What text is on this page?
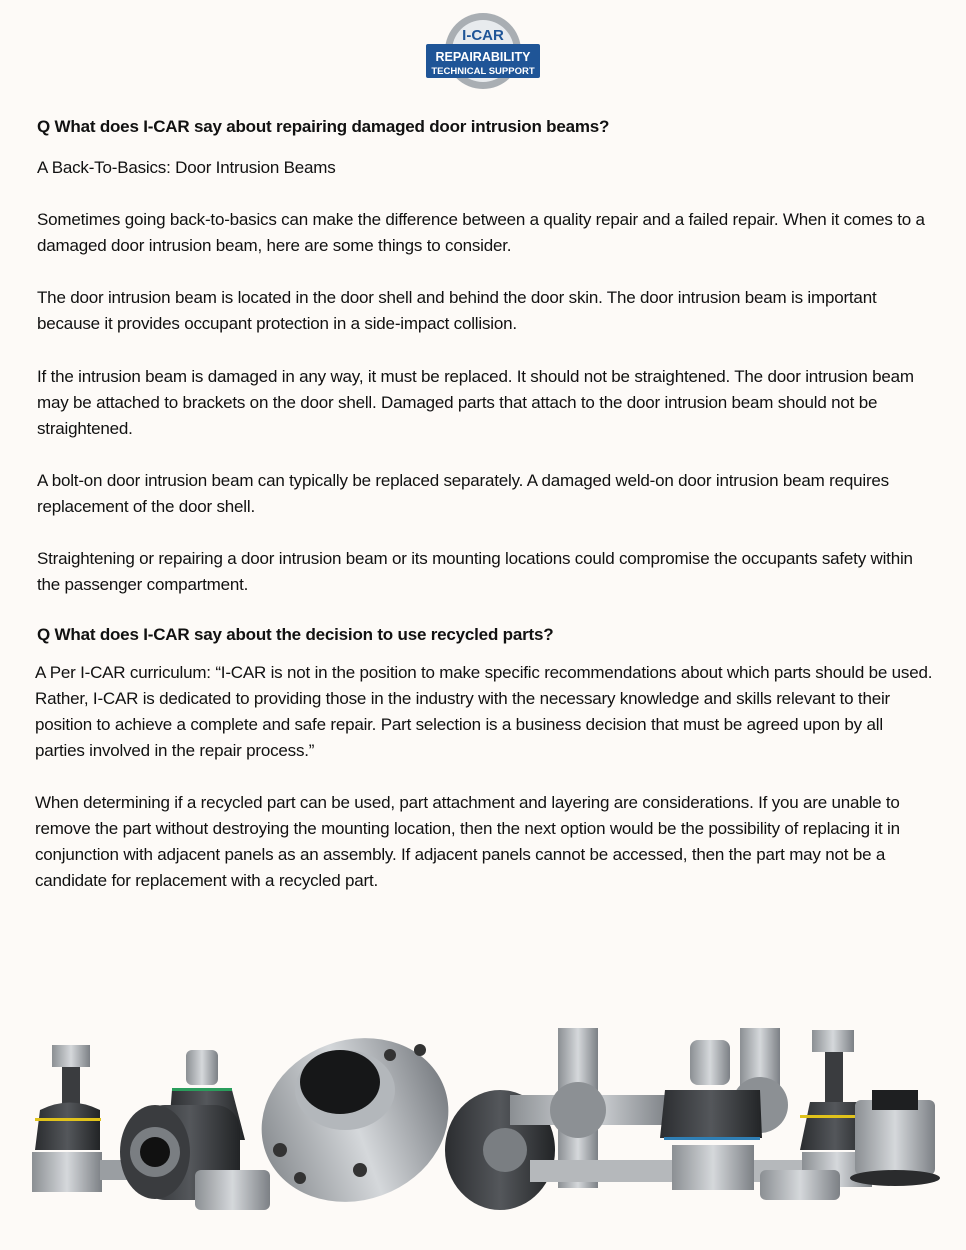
I-CAR
REPAIRABILITY
TECHNICAL SUPPORT

Q What does I-CAR say about repairing damaged door intrusion beams?

A Back-To-Basics: Door Intrusion Beams

Sometimes going back-to-basics can make the difference between a quality repair and a failed repair. When it comes to a damaged door intrusion beam, here are some things to consider.

The door intrusion beam is located in the door shell and behind the door skin. The door intrusion beam is important because it provides occupant protection in a side-impact collision.

If the intrusion beam is damaged in any way, it must be replaced. It should not be straightened. The door intrusion beam may be attached to brackets on the door shell. Damaged parts that attach to the door intrusion beam should not be straightened.

A bolt-on door intrusion beam can typically be replaced separately. A damaged weld-on door intrusion beam requires replacement of the door shell.

Straightening or repairing a door intrusion beam or its mounting locations could compromise the occupants safety within the passenger compartment.

Q What does I-CAR say about the decision to use recycled parts?

A Per I-CAR curriculum: “I-CAR is not in the position to make specific recommendations about which parts should be used. Rather, I-CAR is dedicated to providing those in the industry with the necessary knowledge and skills relevant to their position to achieve a complete and safe repair. Part selection is a business decision that must be agreed upon by all parties involved in the repair process.”

When determining if a recycled part can be used, part attachment and layering are considerations. If you are unable to remove the part without destroying the mounting location, then the next option would be the possibility of replacing it in conjunction with adjacent panels as an assembly. If adjacent panels cannot be accessed, then the part may not be a candidate for replacement with a recycled part.
